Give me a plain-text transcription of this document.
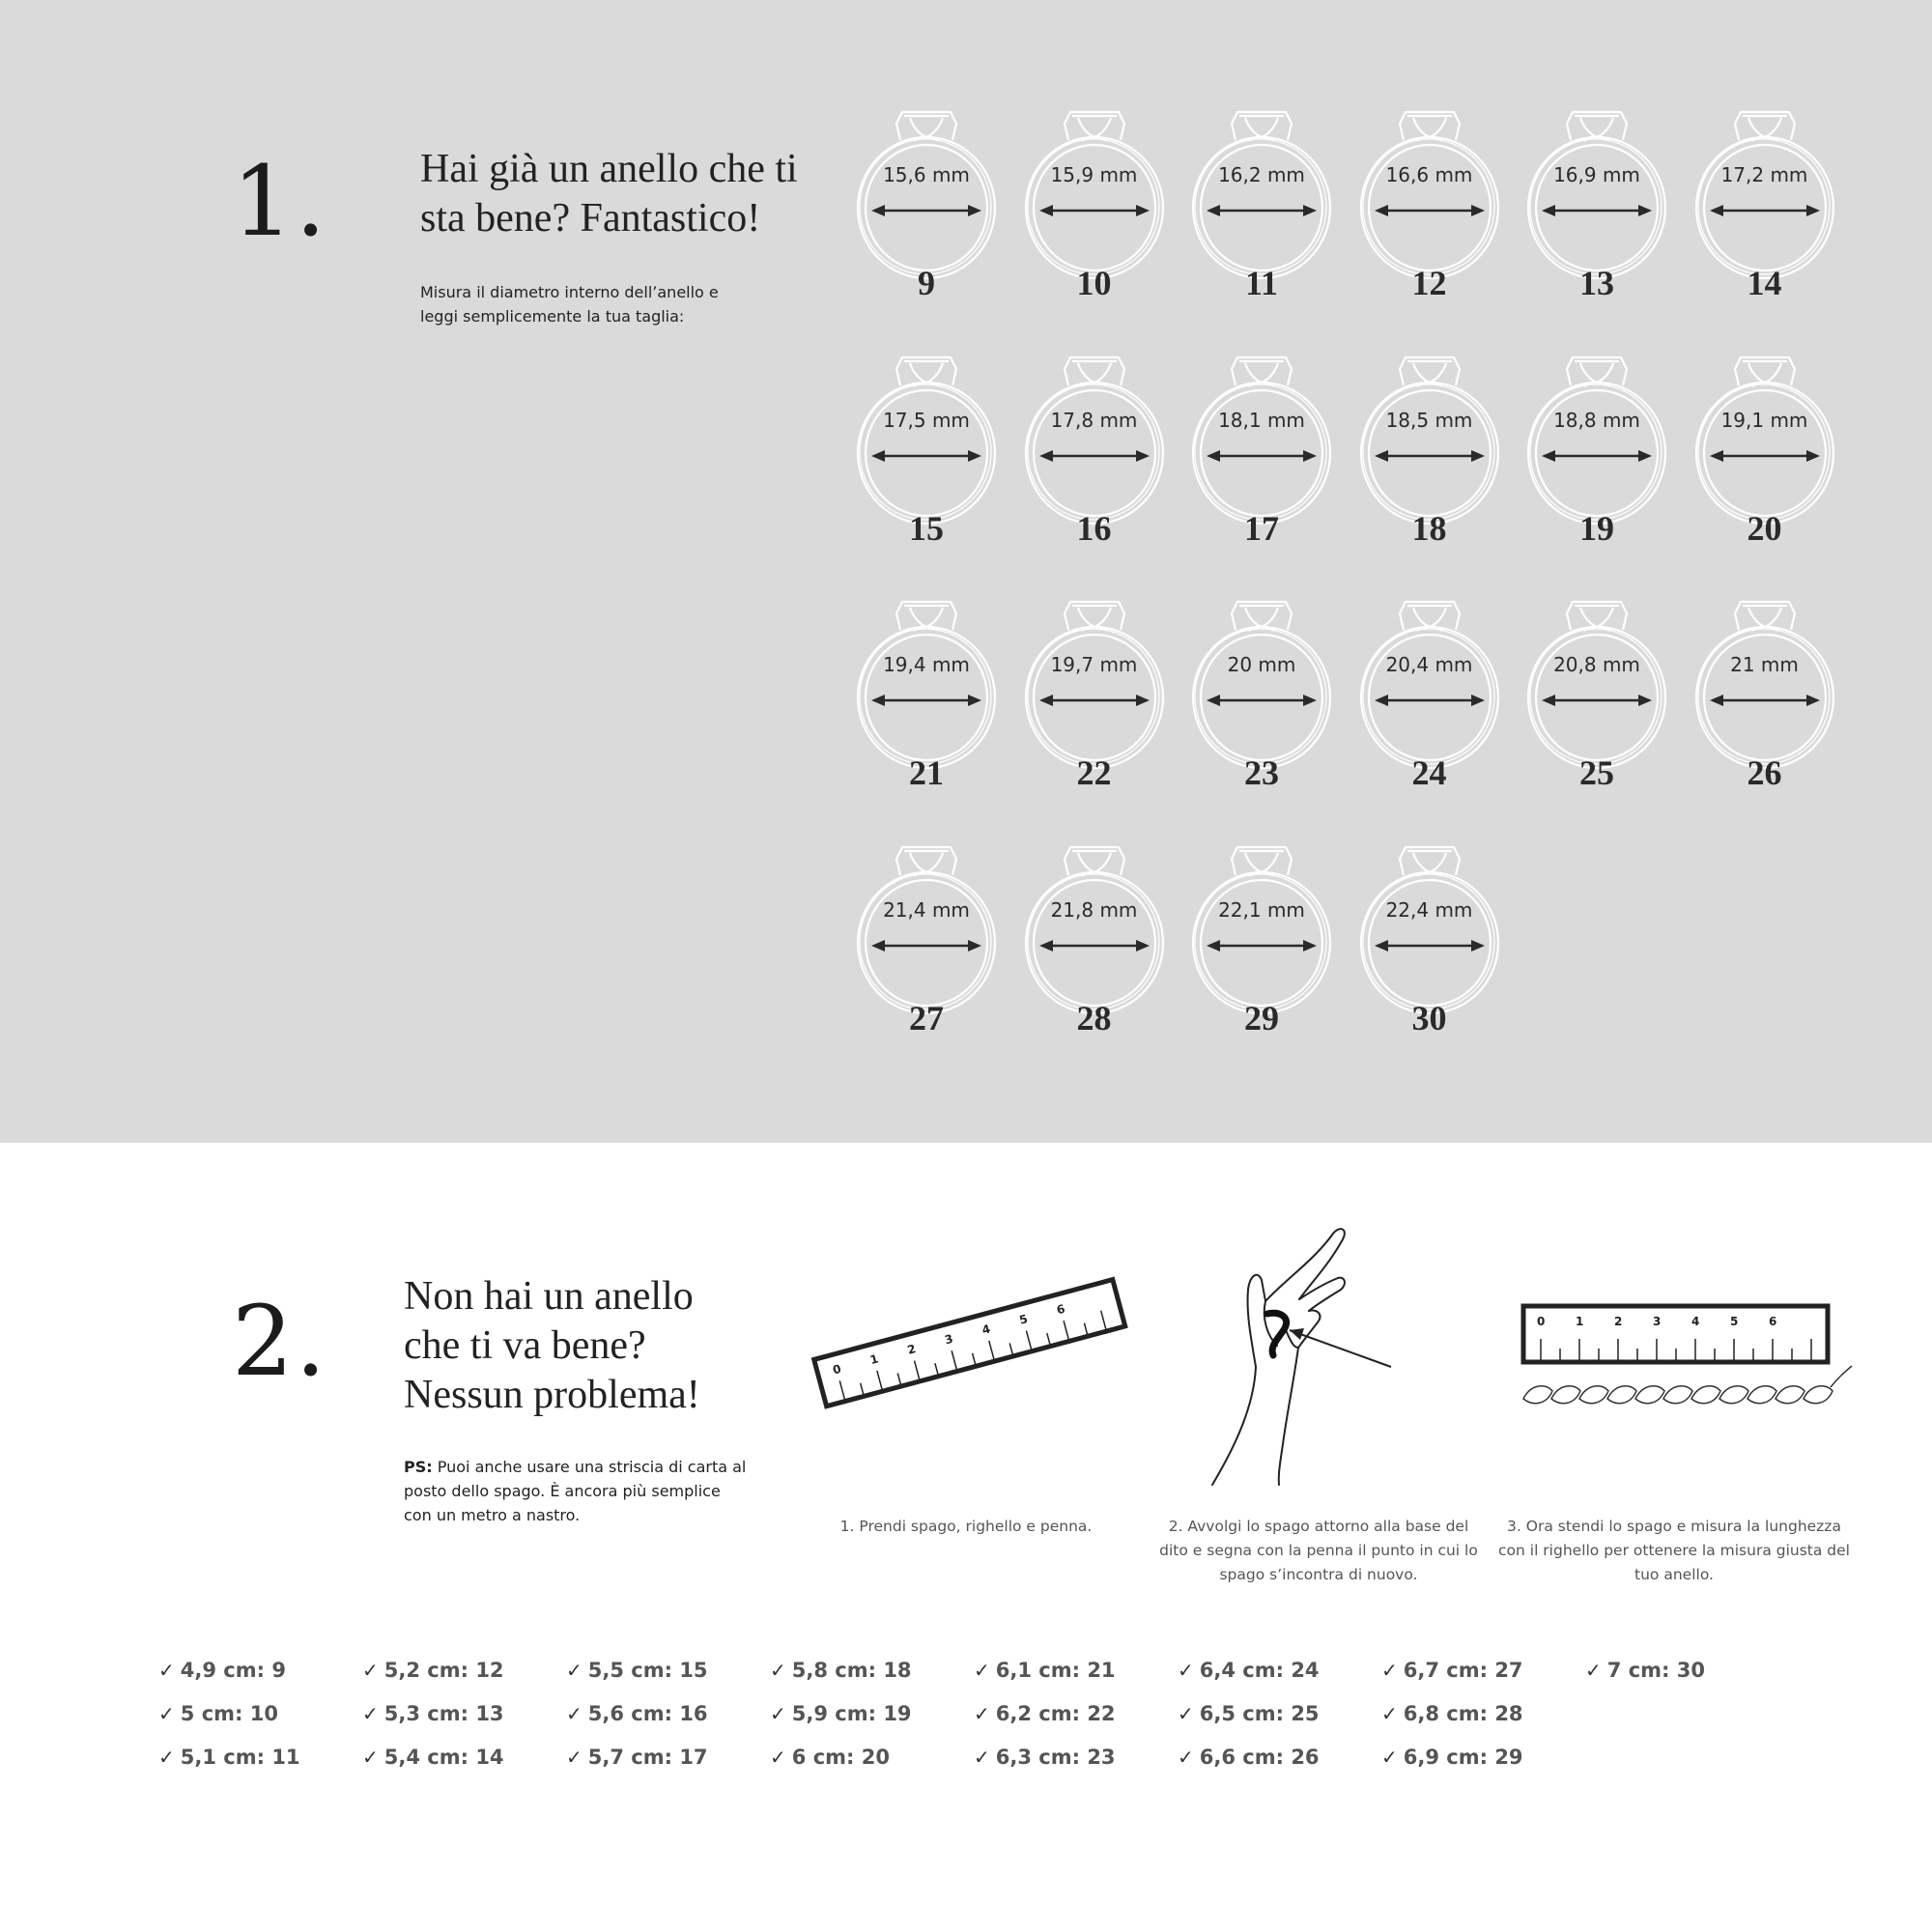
1. Hai già un anello che ti
sta bene? Fantastico!
Misura il diametro interno dell’anello e leggi semplicemente la tua taglia:
15,6 mm
9
15,9 mm
10
16,2 mm
11
16,6 mm
12
16,9 mm
13
17,2 mm
14
17,5 mm
15
17,8 mm
16
18,1 mm
17
18,5 mm
18
18,8 mm
19
19,1 mm
20
19,4 mm
21
19,7 mm
22
20 mm
23
20,4 mm
24
20,8 mm
25
21 mm
26
21,4 mm
27
21,8 mm
28
22,1 mm
29
22,4 mm
30
2. Non hai un anello
che ti va bene?
Nessun problema!
PS: Puoi anche usare una striscia di carta al posto dello spago. È ancora più semplice con un metro a nastro.
0
1
2
3
4
5
6
0	1	2	3	4	5	6
1. Prendi spago, righello e penna.	2. Avvolgi lo spago attorno alla base del dito e segna con la penna il punto in cui lo spago s’incontra di nuovo.
3. Ora stendi lo spago e misura la lunghezza con il righello per ottenere la misura giusta del tuo anello.
✓ 4,9 cm: 9
✓ 5 cm: 10
✓ 5,1 cm: 11
✓ 5,2 cm: 12
✓ 5,3 cm: 13
✓ 5,4 cm: 14
✓ 5,5 cm: 15
✓ 5,6 cm: 16
✓ 5,7 cm: 17
✓ 5,8 cm: 18
✓ 5,9 cm: 19
✓ 6 cm: 20
✓ 6,1 cm: 21
✓ 6,2 cm: 22
✓ 6,3 cm: 23
✓ 6,4 cm: 24
✓ 6,5 cm: 25
✓ 6,6 cm: 26
✓ 6,7 cm: 27
✓ 6,8 cm: 28
✓ 6,9 cm: 29
✓ 7 cm: 30
